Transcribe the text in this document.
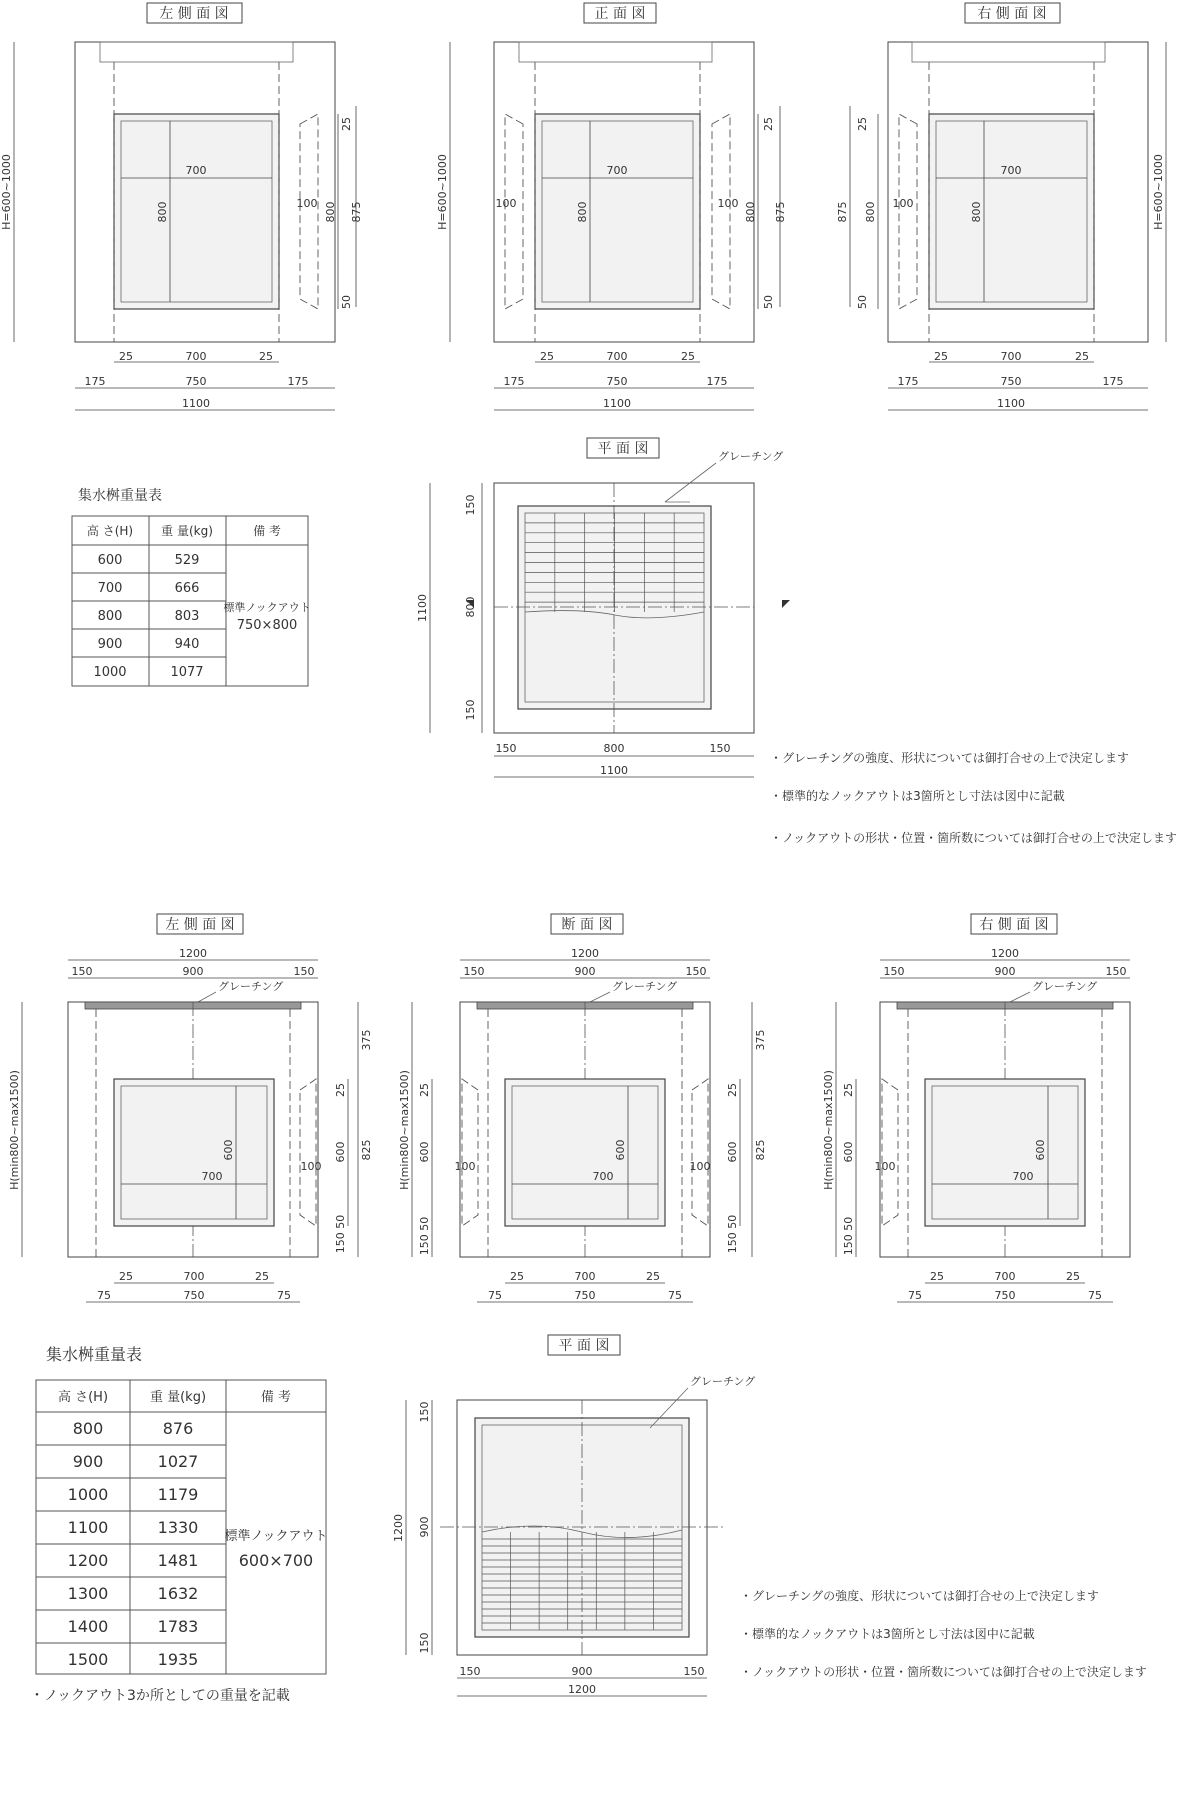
左 側 面 図
H=600~1000	700
800	100 800
25
875
50
25	700	25
175	750	175
1100
正 面 図
H=600~1000	700
800
100	100 800
25
875
50
25	700	25
175	750	175
1100
右 側 面 図
H=600~1000
700
800
100
800
25
875
50
25	700	25
175	750	175
1100
平 面 図	グレーチング
150
800
150
1100
150	800	150
1100
集水桝重量表
高 さ(H) 重 量(kg)	備 考
600	529
700	666
800	803
900	940
1000	1077
標準ノックアウト
750×800
・グレーチングの強度、形状については御打合せの上で決定します
・標準的なノックアウトは3箇所とし寸法は図中に記載
・ノックアウトの形状・位置・箇所数については御打合せの上で決定します
左 側 面 図
1200
150	900	150
グレーチング
H(min800~max1500)	700
600
100
375
825
25
600
150 50
25	700	25
75	750	75
断 面 図
1200
150	900	150
グレーチング
H(min800~max1500) 25
600
150 50
100	100
700
600
25
600
150 50
375
825
25	700	25
75	750	75
右 側 面 図
1200
150	900	150
グレーチング
H(min800~max1500) 25
600
150 50
100
700
600
25	700	25
75	750	75
平 面 図
グレーチング
150
900
150
1200
150	900	150
1200
集水桝重量表
高 さ(H)	重 量(kg)	備 考
800	876
900	1027
1000	1179
1100	1330
1200	1481
1300	1632
1400	1783
1500	1935
標準ノックアウト
600×700
・ノックアウト3か所としての重量を記載
・グレーチングの強度、形状については御打合せの上で決定します
・標準的なノックアウトは3箇所とし寸法は図中に記載
・ノックアウトの形状・位置・箇所数については御打合せの上で決定します
